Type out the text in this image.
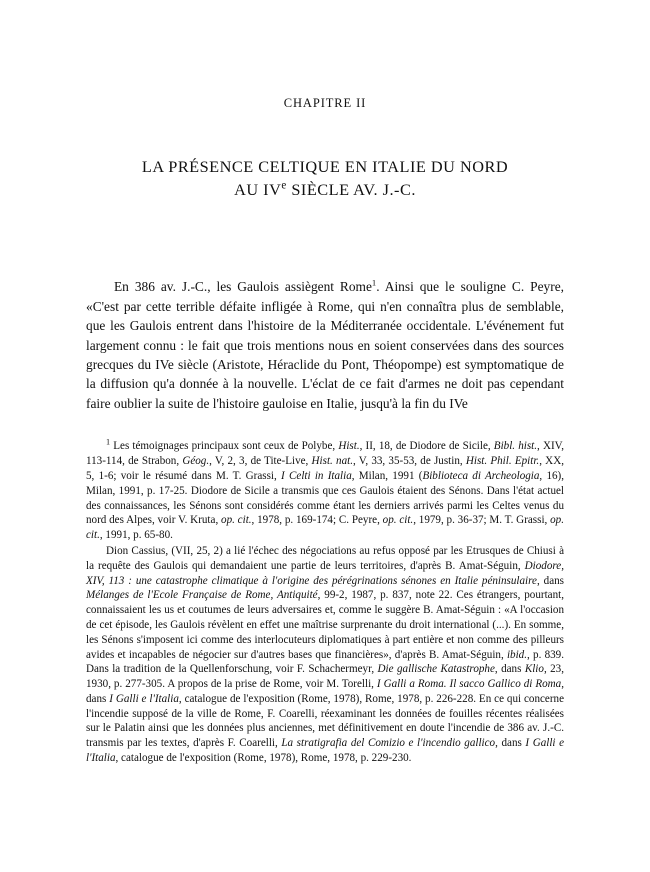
CHAPITRE II
LA PRÉSENCE CELTIQUE EN ITALIE DU NORD
AU IVe SIÈCLE AV. J.-C.

En 386 av. J.-C., les Gaulois assiègent Rome$^1$. Ainsi que le souligne C. Peyre, «C'est par cette terrible défaite infligée à Rome, qui n'en connaîtra plus de semblable, que les Gaulois entrent dans l'histoire de la Méditerranée occidentale. L'événement fut largement connu : le fait que trois mentions nous en soient conservées dans des sources grecques du IVe siècle (Aristote, Héraclide du Pont, Théopompe) est symptomatique de la diffusion qu'a donnée à la nouvelle. L'éclat de ce fait d'armes ne doit pas cependant faire oublier la suite de l'histoire gauloise en Italie, jusqu'à la fin du IVe

$^1$ Les témoignages principaux sont ceux de Polybe, Hist., II, 18, de Diodore de Sicile, Bibl. hist., XIV, 113-114, de Strabon, Géog., V, 2, 3, de Tite-Live, Hist. nat., V, 33, 35-53, de Justin, Hist. Phil. Epitr., XX, 5, 1-6; voir le résumé dans M. T. Grassi, I Celti in Italia, Milan, 1991 (Biblioteca di Archeologia, 16), Milan, 1991, p. 17-25. Diodore de Sicile a transmis que ces Gaulois étaient des Sénons. Dans l'état actuel des connaissances, les Sénons sont considérés comme étant les derniers arrivés parmi les Celtes venus du nord des Alpes, voir V. Kruta, op. cit., 1978, p. 169-174; C. Peyre, op. cit., 1979, p. 36-37; M. T. Grassi, op. cit., 1991, p. 65-80.

Dion Cassius, (VII, 25, 2) a lié l'échec des négociations au refus opposé par les Etrusques de Chiusi à la requête des Gaulois qui demandaient une partie de leurs territoires, d'après B. Amat-Séguin, Diodore, XIV, 113 : une catastrophe climatique à l'origine des pérégrinations sénones en Italie péninsulaire, dans Mélanges de l'Ecole Française de Rome, Antiquité, 99-2, 1987, p. 837, note 22. Ces étrangers, pourtant, connaissaient les us et coutumes de leurs adversaires et, comme le suggère B. Amat-Séguin : «A l'occasion de cet épisode, les Gaulois révèlent en effet une maîtrise surprenante du droit international (...). En somme, les Sénons s'imposent ici comme des interlocuteurs diplomatiques à part entière et non comme des pilleurs avides et incapables de négocier sur d'autres bases que financières», d'après B. Amat-Séguin, ibid., p. 839. Dans la tradition de la Quellenforschung, voir F. Schachermeyr, Die gallische Katastrophe, dans Klio, 23, 1930, p. 277-305. A propos de la prise de Rome, voir M. Torelli, I Galli a Roma. Il sacco Gallico di Roma, dans I Galli e l'Italia, catalogue de l'exposition (Rome, 1978), Rome, 1978, p. 226-228. En ce qui concerne l'incendie supposé de la ville de Rome, F. Coarelli, réexaminant les données de fouilles récentes réalisées sur le Palatin ainsi que les données plus anciennes, met définitivement en doute l'incendie de 386 av. J.-C. transmis par les textes, d'après F. Coarelli, La stratigrafia del Comizio e l'incendio gallico, dans I Galli e l'Italia, catalogue de l'exposition (Rome, 1978), Rome, 1978, p. 229-230.
